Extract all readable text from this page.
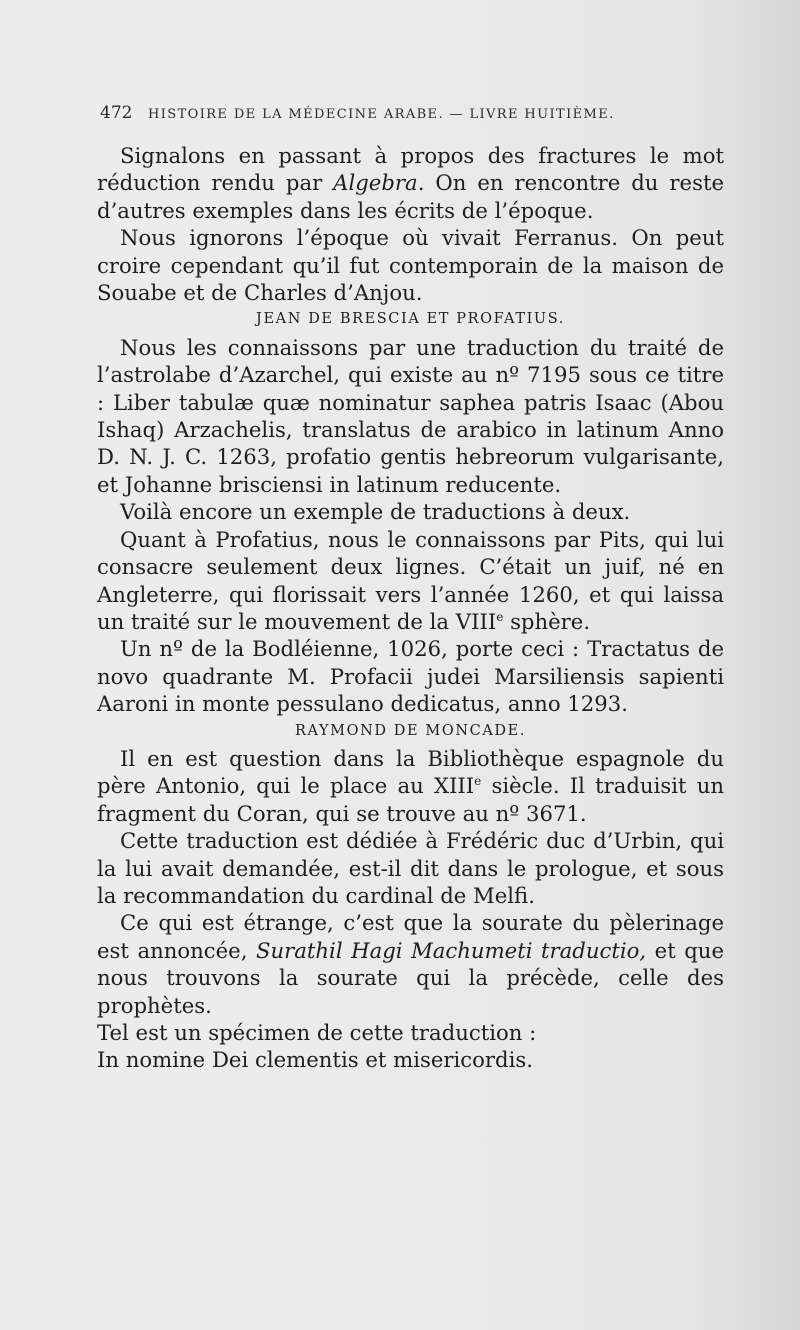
472 HISTOIRE DE LA MÉDECINE ARABE. — LIVRE HUITIÈME.

Signalons en passant à propos des fractures le mot réduction rendu par Algebra. On en rencontre du reste d’autres exemples dans les écrits de l’époque.

Nous ignorons l’époque où vivait Ferranus. On peut croire cependant qu’il fut contemporain de la maison de Souabe et de Charles d’Anjou.

JEAN DE BRESCIA ET PROFATIUS.

Nous les connaissons par une traduction du traité de l’astrolabe d’Azarchel, qui existe au nº 7195 sous ce titre : Liber tabulæ quæ nominatur saphea patris Isaac (Abou Ishaq) Arzachelis, translatus de arabico in latinum Anno D. N. J. C. 1263, profatio gentis hebreorum vulgarisante, et Johanne brisciensi in latinum reducente.

Voilà encore un exemple de traductions à deux.

Quant à Profatius, nous le connaissons par Pits, qui lui consacre seulement deux lignes. C’était un juif, né en Angleterre, qui florissait vers l’année 1260, et qui laissa un traité sur le mouvement de la VIIIe sphère.

Un nº de la Bodléienne, 1026, porte ceci : Tractatus de novo quadrante M. Profacii judei Marsiliensis sapienti Aaroni in monte pessulano dedicatus, anno 1293.

RAYMOND DE MONCADE.

Il en est question dans la Bibliothèque espagnole du père Antonio, qui le place au XIIIe siècle. Il traduisit un fragment du Coran, qui se trouve au nº 3671.

Cette traduction est dédiée à Frédéric duc d’Urbin, qui la lui avait demandée, est-il dit dans le prologue, et sous la recommandation du cardinal de Melfi.

Ce qui est étrange, c’est que la sourate du pèlerinage est annoncée, Surathil Hagi Machumeti traductio, et que nous trouvons la sourate qui la précède, celle des prophètes.

Tel est un spécimen de cette traduction :

In nomine Dei clementis et misericordis.
